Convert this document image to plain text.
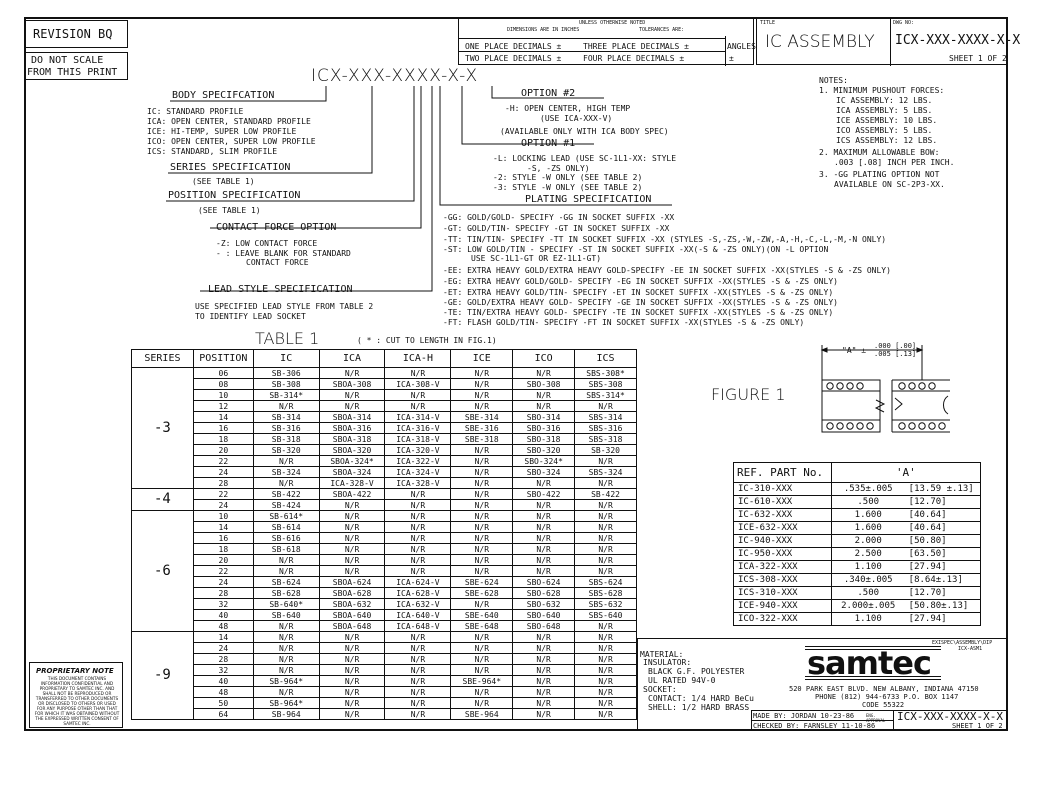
REVISION BQ
DO NOT SCALE
FROM THIS PRINT
UNLESS OTHERWISE NOTED
DIMENSIONS ARE IN INCHES	TOLERANCES ARE:
ONE PLACE DECIMALS ±
TWO PLACE DECIMALS ±
THREE PLACE DECIMALS ±
FOUR PLACE DECIMALS ±
ANGLES
±
TITLE
IC ASSEMBLY
DWG NO:
ICX-XXX-XXXX-X-X
SHEET 1 OF 2
ICX-XXX-XXXX-X-X
BODY SPECIFCATION
IC: STANDARD PROFILE
ICA: OPEN CENTER, STANDARD PROFILE
ICE: HI-TEMP, SUPER LOW PROFILE
ICO: OPEN CENTER, SUPER LOW PROFILE
ICS: STANDARD, SLIM PROFILE
SERIES SPECIFICATION
(SEE TABLE 1)
POSITION SPECIFICATION
(SEE TABLE 1)
CONTACT FORCE OPTION
-Z: LOW CONTACT FORCE
- : LEAVE BLANK FOR STANDARD
CONTACT FORCE
LEAD STYLE SPECIFICATION
USE SPECIFIED LEAD STYLE FROM TABLE 2
TO IDENTIFY LEAD SOCKET
OPTION #2
-H: OPEN CENTER, HIGH TEMP
(USE ICA-XXX-V)
(AVAILABLE ONLY WITH ICA BODY SPEC)
OPTION #1
-L: LOCKING LEAD (USE SC-1L1-XX: STYLE
-S, -ZS ONLY)
-2: STYLE -W ONLY (SEE TABLE 2)
-3: STYLE -W ONLY (SEE TABLE 2)
PLATING SPECIFICATION
-GG: GOLD/GOLD- SPECIFY -GG IN SOCKET SUFFIX -XX
-GT: GOLD/TIN- SPECIFY -GT IN SOCKET SUFFIX -XX
-TT: TIN/TIN- SPECIFY -TT IN SOCKET SUFFIX -XX (STYLES -S,-ZS,-W,-ZW,-A,-H,-C,-L,-M,-N ONLY)
-ST: LOW GOLD/TIN - SPECIFY -ST IN SOCKET SUFFIX -XX(-S & -ZS ONLY)(ON -L OPTION
USE SC-1L1-GT OR EZ-1L1-GT)
-EE: EXTRA HEAVY GOLD/EXTRA HEAVY GOLD-SPECIFY -EE IN SOCKET SUFFIX -XX(STYLES -S & -ZS ONLY)
-EG: EXTRA HEAVY GOLD/GOLD- SPECIFY -EG IN SOCKET SUFFIX -XX(STYLES -S & -ZS ONLY)
-ET: EXTRA HEAVY GOLD/TIN- SPECIFY -ET IN SOCKET SUFFIX -XX(STYLES -S & -ZS ONLY)
-GE: GOLD/EXTRA HEAVY GOLD- SPECIFY -GE IN SOCKET SUFFIX -XX(STYLES -S & -ZS ONLY)
-TE: TIN/EXTRA HEAVY GOLD- SPECIFY -TE IN SOCKET SUFFIX -XX(STYLES -S & -ZS ONLY)
-FT: FLASH GOLD/TIN- SPECIFY -FT IN SOCKET SUFFIX -XX(STYLES -S & -ZS ONLY)
NOTES:
1. MINIMUM PUSHOUT FORCES:
IC ASSEMBLY: 12 LBS.
ICA ASSEMBLY: 5 LBS.
ICE ASSEMBLY: 10 LBS.
ICO ASSEMBLY: 5 LBS.
ICS ASSEMBLY: 12 LBS.
2. MAXIMUM ALLOWABLE BOW:
.003 [.08] INCH PER INCH.
3. -GG PLATING OPTION NOT
AVAILABLE ON SC-2P3-XX.
TABLE 1	( * : CUT TO LENGTH IN FIG.1)
SERIES	POSITION	IC	ICA	ICA-H	ICE	ICO	ICS
-3	06	SB-306	N/R	N/R	N/R	N/R	SBS-308*
	08	SB-308	SBOA-308	ICA-308-V	N/R	SBO-308	SBS-308
	10	SB-314*	N/R	N/R	N/R	N/R	SBS-314*
	12	N/R	N/R	N/R	N/R	N/R	N/R
	14	SB-314	SBOA-314	ICA-314-V	SBE-314	SBO-314	SBS-314
	16	SB-316	SBOA-316	ICA-316-V	SBE-316	SBO-316	SBS-316
	18	SB-318	SBOA-318	ICA-318-V	SBE-318	SBO-318	SBS-318
	20	SB-320	SBOA-320	ICA-320-V	N/R	SBO-320	SB-320
	22	N/R	SBOA-324*	ICA-322-V	N/R	SBO-324*	N/R
	24	SB-324	SBOA-324	ICA-324-V	N/R	SBO-324	SBS-324
	28	N/R	ICA-328-V	ICA-328-V	N/R	N/R	N/R
-4	22	SB-422	SBOA-422	N/R	N/R	SBO-422	SB-422
	24	SB-424	N/R	N/R	N/R	N/R	N/R
-6	10	SB-614*	N/R	N/R	N/R	N/R	N/R
	14	SB-614	N/R	N/R	N/R	N/R	N/R
	16	SB-616	N/R	N/R	N/R	N/R	N/R
	18	SB-618	N/R	N/R	N/R	N/R	N/R
	20	N/R	N/R	N/R	N/R	N/R	N/R
	22	N/R	N/R	N/R	N/R	N/R	N/R
	24	SB-624	SBOA-624	ICA-624-V	SBE-624	SBO-624	SBS-624
	28	SB-628	SBOA-628	ICA-628-V	SBE-628	SBO-628	SBS-628
	32	SB-640*	SBOA-632	ICA-632-V	N/R	SBO-632	SBS-632
	40	SB-640	SBOA-640	ICA-640-V	SBE-640	SBO-640	SBS-640
	48	N/R	SBOA-648	ICA-648-V	SBE-648	SBO-648	N/R
-9	14	N/R	N/R	N/R	N/R	N/R	N/R
	24	N/R	N/R	N/R	N/R	N/R	N/R
	28	N/R	N/R	N/R	N/R	N/R	N/R
	32	N/R	N/R	N/R	N/R	N/R	N/R
	40	SB-964*	N/R	N/R	SBE-964*	N/R	N/R
	48	N/R	N/R	N/R	N/R	N/R	N/R
	50	SB-964*	N/R	N/R	N/R	N/R	N/R
	64	SB-964	N/R	N/R	SBE-964	N/R	N/R
FIGURE 1
"A" ± .000 [.00]
.005 [.13]
REF. PART No.	'A'	
IC-310-XXX	.535±.005	[13.59 ±.13]
IC-610-XXX	.500	[12.70]
IC-632-XXX	1.600	[40.64]
ICE-632-XXX	1.600	[40.64]
IC-940-XXX	2.000	[50.80]
IC-950-XXX	2.500	[63.50]
ICA-322-XXX	1.100	[27.94]
ICS-308-XXX	.340±.005	[8.64±.13]
ICS-310-XXX	.500	[12.70]
ICE-940-XXX	2.000±.005	[50.80±.13]
ICO-322-XXX	1.100	[27.94]
PROPRIETARY NOTE
THIS DOCUMENT CONTAINS INFORMATION CONFIDENTIAL AND PROPRIETARY TO SAMTEC INC. AND SHALL NOT BE REPRODUCED OR TRANSFERRED TO OTHER DOCUMENTS OR DISCLOSED TO OTHERS OR USED FOR ANY PURPOSE OTHER THAN THAT FOR WHICH IT WAS OBTAINED WITHOUT THE EXPRESSED WRITTEN CONSENT OF SAMTEC INC.
MATERIAL:
INSULATOR:
BLACK G.F. POLYESTER
UL RATED 94V-0
SOCKET:
CONTACT: 1/4 HARD BeCu
SHELL: 1/2 HARD BRASS
EXISPEC\ASSEMBLY\DIP
ICX-ASM1
samtec
520 PARK EAST BLVD. NEW ALBANY, INDIANA 47150
PHONE (812) 944-6733 P.O. BOX 1147
CODE 55322
MADE BY: JORDAN 10-23-86
CHECKED BY: FARNSLEY 11-10-86
ENG. APPROVAL	ICX-XXX-XXXX-X-X
SHEET 1 OF 2
